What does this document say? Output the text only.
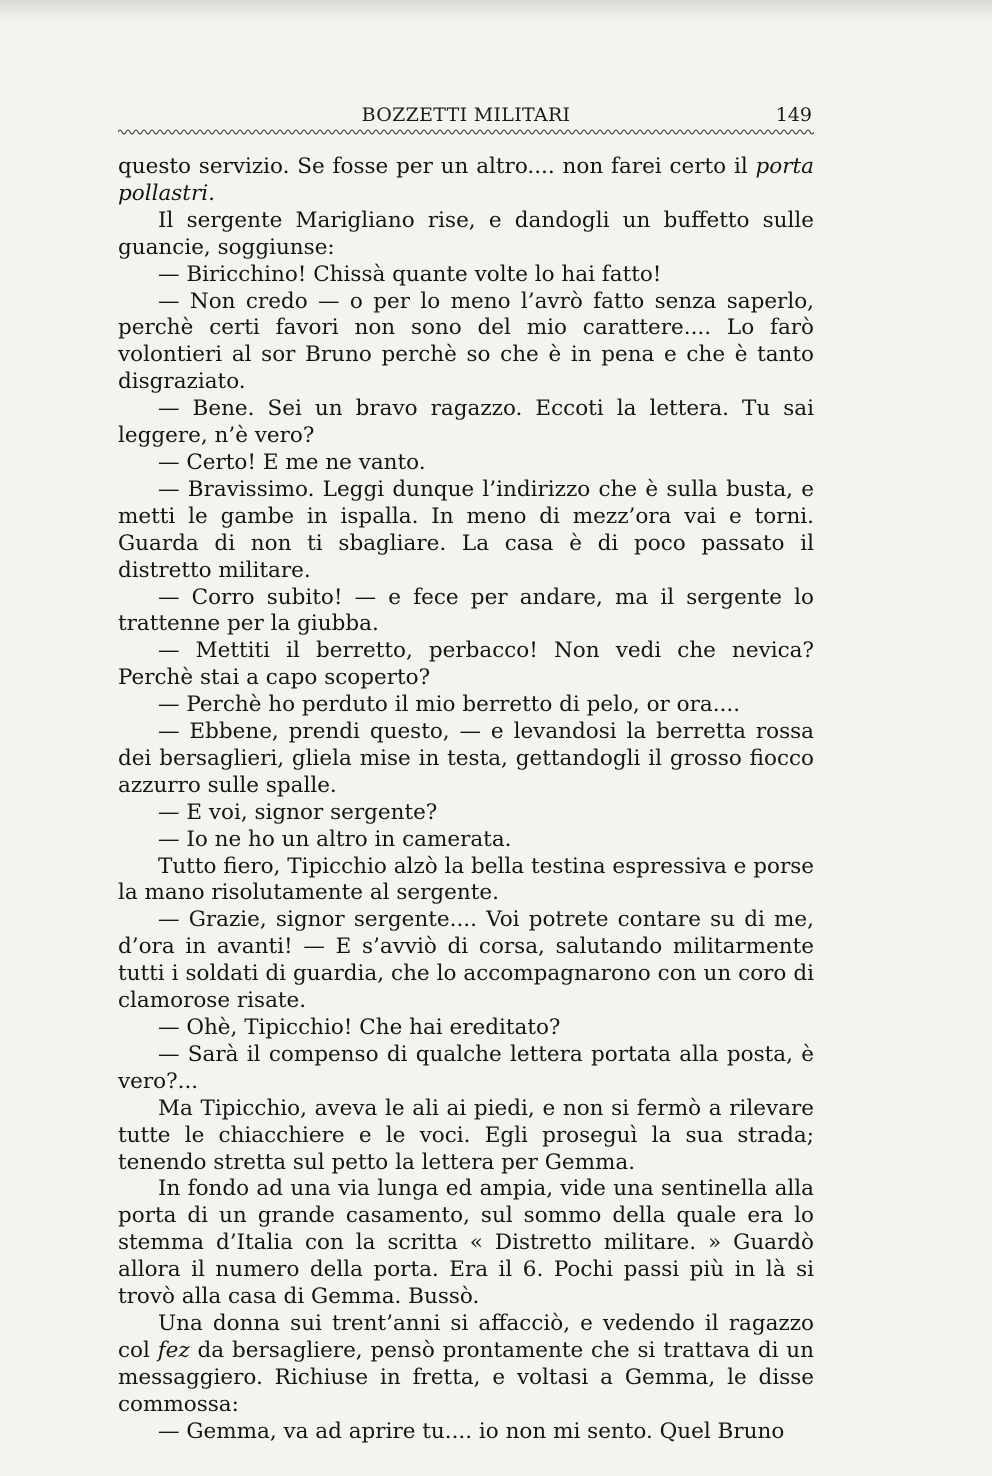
BOZZETTI MILITARI	149

questo servizio. Se fosse per un altro.... non farei certo il porta pollastri.

Il sergente Marigliano rise, e dandogli un buffetto sulle guancie, soggiunse:

— Biricchino! Chissà quante volte lo hai fatto!

— Non credo — o per lo meno l’avrò fatto senza saperlo, perchè certi favori non sono del mio carattere.... Lo farò volontieri al sor Bruno perchè so che è in pena e che è tanto disgraziato.

— Bene. Sei un bravo ragazzo. Eccoti la lettera. Tu sai leggere, n’è vero?

— Certo! E me ne vanto.

— Bravissimo. Leggi dunque l’indirizzo che è sulla busta, e metti le gambe in ispalla. In meno di mezz’ora vai e torni. Guarda di non ti sbagliare. La casa è di poco passato il distretto militare.

— Corro subito! — e fece per andare, ma il sergente lo trattenne per la giubba.

— Mettiti il berretto, perbacco! Non vedi che nevica? Perchè stai a capo scoperto?

— Perchè ho perduto il mio berretto di pelo, or ora....

— Ebbene, prendi questo, — e levandosi la berretta rossa dei bersaglieri, gliela mise in testa, gettandogli il grosso fiocco azzurro sulle spalle.

— E voi, signor sergente?

— Io ne ho un altro in camerata.

Tutto fiero, Tipicchio alzò la bella testina espressiva e porse la mano risolutamente al sergente.

— Grazie, signor sergente.... Voi potrete contare su di me, d’ora in avanti! — E s’avviò di corsa, salutando militarmente tutti i soldati di guardia, che lo accompagnarono con un coro di clamorose risate.

— Ohè, Tipicchio! Che hai ereditato?

— Sarà il compenso di qualche lettera portata alla posta, è vero?...

Ma Tipicchio, aveva le ali ai piedi, e non si fermò a rilevare tutte le chiacchiere e le voci. Egli proseguì la sua strada; tenendo stretta sul petto la lettera per Gemma.

In fondo ad una via lunga ed ampia, vide una sentinella alla porta di un grande casamento, sul sommo della quale era lo stemma d’Italia con la scritta « Distretto militare. » Guardò allora il numero della porta. Era il 6. Pochi passi più in là si trovò alla casa di Gemma. Bussò.

Una donna sui trent’anni si affacciò, e vedendo il ragazzo col fez da bersagliere, pensò prontamente che si trattava di un messaggiero. Richiuse in fretta, e voltasi a Gemma, le disse commossa:

— Gemma, va ad aprire tu.... io non mi sento. Quel Bruno
